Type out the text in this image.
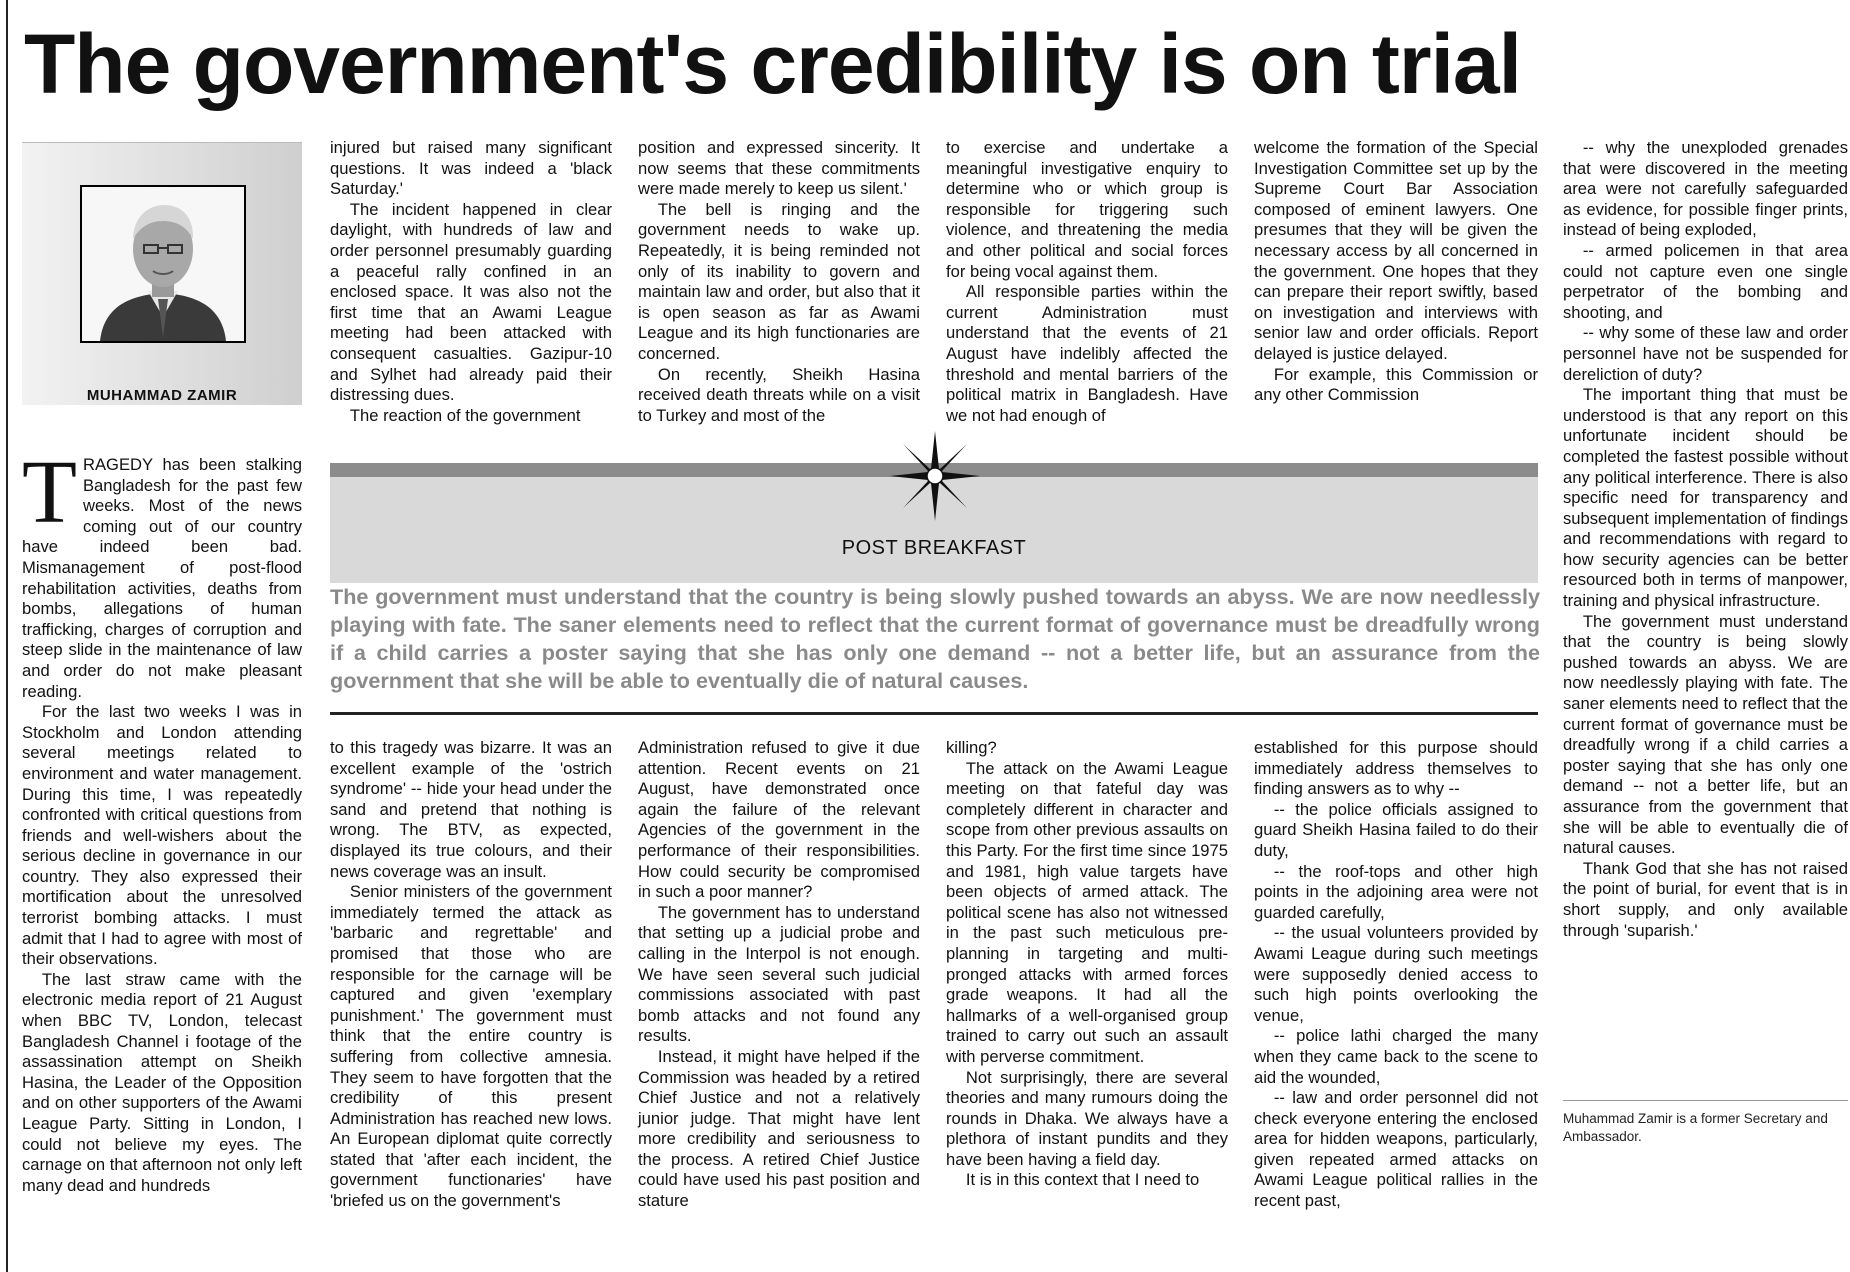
The government's credibility is on trial
MUHAMMAD ZAMIR

TRAGEDY has been stalking Bangladesh for the past few weeks. Most of the news coming out of our country have indeed been bad. Mismanagement of post-flood rehabilitation activities, deaths from bombs, allegations of human trafficking, charges of corruption and steep slide in the maintenance of law and order do not make pleasant reading.

For the last two weeks I was in Stockholm and London attending several meetings related to environment and water management. During this time, I was repeatedly confronted with critical questions from friends and well-wishers about the serious decline in governance in our country. They also expressed their mortification about the unresolved terrorist bombing attacks. I must admit that I had to agree with most of their observations.

The last straw came with the electronic media report of 21 August when BBC TV, London, telecast Bangladesh Channel i footage of the assassination attempt on Sheikh Hasina, the Leader of the Opposition and on other supporters of the Awami League Party. Sitting in London, I could not believe my eyes. The carnage on that afternoon not only left many dead and hundreds

injured but raised many significant questions. It was indeed a 'black Saturday.'

The incident happened in clear daylight, with hundreds of law and order personnel presumably guarding a peaceful rally confined in an enclosed space. It was also not the first time that an Awami League meeting had been attacked with consequent casualties. Gazipur-10 and Sylhet had already paid their distressing dues.

The reaction of the government

position and expressed sincerity. It now seems that these commitments were made merely to keep us silent.'

The bell is ringing and the government needs to wake up. Repeatedly, it is being reminded not only of its inability to govern and maintain law and order, but also that it is open season as far as Awami League and its high functionaries are concerned.

On recently, Sheikh Hasina received death threats while on a visit to Turkey and most of the

to exercise and undertake a meaningful investigative enquiry to determine who or which group is responsible for triggering such violence, and threatening the media and other political and social forces for being vocal against them.

All responsible parties within the current Administration must understand that the events of 21 August have indelibly affected the threshold and mental barriers of the political matrix in Bangladesh. Have we not had enough of

welcome the formation of the Special Investigation Committee set up by the Supreme Court Bar Association composed of eminent lawyers. One presumes that they will be given the necessary access by all concerned in the government. One hopes that they can prepare their report swiftly, based on investigation and interviews with senior law and order officials. Report delayed is justice delayed.

For example, this Commission or any other Commission

-- why the unexploded grenades that were discovered in the meeting area were not carefully safeguarded as evidence, for possible finger prints, instead of being exploded,

-- armed policemen in that area could not capture even one single perpetrator of the bombing and shooting, and

-- why some of these law and order personnel have not be suspended for dereliction of duty?

The important thing that must be understood is that any report on this unfortunate incident should be completed the fastest possible without any political interference. There is also specific need for transparency and subsequent implementation of findings and recommendations with regard to how security agencies can be better resourced both in terms of manpower, training and physical infrastructure.

The government must understand that the country is being slowly pushed towards an abyss. We are now needlessly playing with fate. The saner elements need to reflect that the current format of governance must be dreadfully wrong if a child carries a poster saying that she has only one demand -- not a better life, but an assurance from the government that she will be able to eventually die of natural causes.

Thank God that she has not raised the point of burial, for event that is in short supply, and only available through 'suparish.'

POST BREAKFAST
The government must understand that the country is being slowly pushed towards an abyss. We are now needlessly playing with fate. The saner elements need to reflect that the current format of governance must be dreadfully wrong if a child carries a poster saying that she has only one demand -- not a better life, but an assurance from the government that she will be able to eventually die of natural causes.

to this tragedy was bizarre. It was an excellent example of the 'ostrich syndrome' -- hide your head under the sand and pretend that nothing is wrong. The BTV, as expected, displayed its true colours, and their news coverage was an insult.

Senior ministers of the government immediately termed the attack as 'barbaric and regrettable' and promised that those who are responsible for the carnage will be captured and given 'exemplary punishment.' The government must think that the entire country is suffering from collective amnesia. They seem to have forgotten that the credibility of this present Administration has reached new lows. An European diplomat quite correctly stated that 'after each incident, the government functionaries' have 'briefed us on the government's

Administration refused to give it due attention. Recent events on 21 August, have demonstrated once again the failure of the relevant Agencies of the government in the performance of their responsibilities. How could security be compromised in such a poor manner?

The government has to understand that setting up a judicial probe and calling in the Interpol is not enough. We have seen several such judicial commissions associated with past bomb attacks and not found any results.

Instead, it might have helped if the Commission was headed by a retired Chief Justice and not a relatively junior judge. That might have lent more credibility and seriousness to the process. A retired Chief Justice could have used his past position and stature

killing?

The attack on the Awami League meeting on that fateful day was completely different in character and scope from other previous assaults on this Party. For the first time since 1975 and 1981, high value targets have been objects of armed attack. The political scene has also not witnessed in the past such meticulous pre-planning in targeting and multi-pronged attacks with armed forces grade weapons. It had all the hallmarks of a well-organised group trained to carry out such an assault with perverse commitment.

Not surprisingly, there are several theories and many rumours doing the rounds in Dhaka. We always have a plethora of instant pundits and they have been having a field day.

It is in this context that I need to

established for this purpose should immediately address themselves to finding answers as to why --

-- the police officials assigned to guard Sheikh Hasina failed to do their duty,

-- the roof-tops and other high points in the adjoining area were not guarded carefully,

-- the usual volunteers provided by Awami League during such meetings were supposedly denied access to such high points overlooking the venue,

-- police lathi charged the many when they came back to the scene to aid the wounded,

-- law and order personnel did not check everyone entering the enclosed area for hidden weapons, particularly, given repeated armed attacks on Awami League political rallies in the recent past,

Muhammad Zamir is a former Secretary and Ambassador.
